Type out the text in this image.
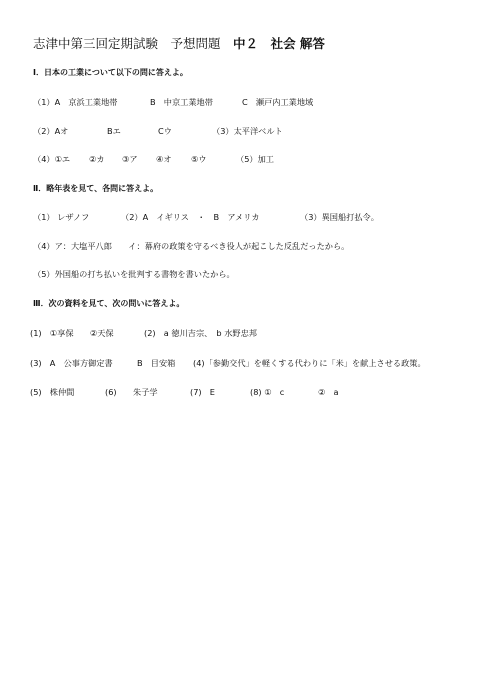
志津中第三回定期試験　予想問題　 中２　 社会 解答
Ⅰ．日本の工業について以下の問に答えよ。
（1）A　京浜工業地帯	B　中京工業地帯	C　瀬戸内工業地域
（2）Aオ	Bエ	Cウ	（3）太平洋ベルト
（4）①エ ②カ ③ア ④オ ⑤ウ	（5）加工
Ⅱ．略年表を見て、各問に答えよ。
（1） レザノフ	（2）A　イギリス　・　B　アメリカ	（3）異国船打払令。
（4）ア：大塩平八郎　　イ：幕府の政策を守るべき役人が起こした反乱だったから。
（5）外国船の打ち払いを批判する書物を書いたから。
Ⅲ．次の資料を見て、次の問いに答えよ。
(1)　①享保　　②天保	(2)　a 徳川吉宗、　b 水野忠邦
(3)　A　公事方御定書	B　目安箱 (4)「参勤交代」を軽くする代わりに「米」を献上させる政策。
(5)　株仲間	(6)　　朱子学	(7)　E	(8) ①　c	②　a
